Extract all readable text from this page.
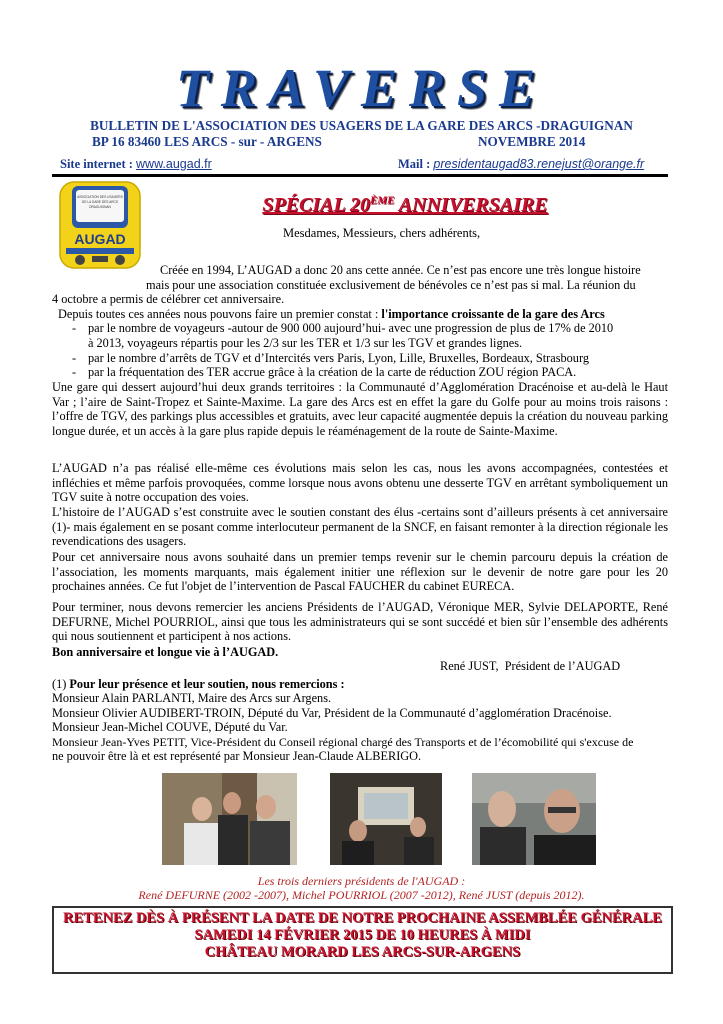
TRAVERSE
BULLETIN DE L'ASSOCIATION DES USAGERS DE LA GARE DES ARCS -DRAGUIGNAN
BP 16 83460 LES ARCS - sur - ARGENS	NOVEMBRE 2014
Site internet : www.augad.fr	Mail : presidentaugad83.renejust@orange.fr
ASSOCIATION DES USAGERS
DE LA GARE DES ARCS
DRAGUIGNAN
AUGAD
SPÉCIAL 20ÈME ANNIVERSAIRE
Mesdames, Messieurs, chers adhérents,
Créée en 1994, L’AUGAD a donc 20 ans cette année. Ce n’est pas encore une très longue histoire
mais pour une association constituée exclusivement de bénévoles ce n’est pas si mal. La réunion du
4 octobre a permis de célébrer cet anniversaire.
Depuis toutes ces années nous pouvons faire un premier constat : l'importance croissante de la gare des Arcs
- par le nombre de voyageurs -autour de 900 000 aujourd’hui- avec une progression de plus de 17% de 2010
à 2013, voyageurs répartis pour les 2/3 sur les TER et 1/3 sur les TGV et grandes lignes.
- par le nombre d’arrêts de TGV et d’Intercités vers Paris, Lyon, Lille, Bruxelles, Bordeaux, Strasbourg
- par la fréquentation des TER accrue grâce à la création de la carte de réduction ZOU région PACA.
Une gare qui dessert aujourd’hui deux grands territoires : la Communauté d’Agglomération Dracénoise et au-delà le Haut Var ; l’aire de Saint-Tropez et Sainte-Maxime. La gare des Arcs est en effet la gare du Golfe pour au moins trois raisons : l’offre de TGV, des parkings plus accessibles et gratuits, avec leur capacité augmentée depuis la création du nouveau parking longue durée, et un accès à la gare plus rapide depuis le réaménagement de la route de Sainte-Maxime.
L’AUGAD n’a pas réalisé elle-même ces évolutions mais selon les cas, nous les avons accompagnées, contestées et infléchies et même parfois provoquées, comme lorsque nous avons obtenu une desserte TGV en arrêtant symboliquement un TGV suite à notre occupation des voies.
L’histoire de l’AUGAD s’est construite avec le soutien constant des élus -certains sont d’ailleurs présents à cet anniversaire (1)- mais également en se posant comme interlocuteur permanent de la SNCF, en faisant remonter à la direction régionale les revendications des usagers.
Pour cet anniversaire nous avons souhaité dans un premier temps revenir sur le chemin parcouru depuis la création de l’association, les moments marquants, mais également initier une réflexion sur le devenir de notre gare pour les 20 prochaines années. Ce fut l'objet de l’intervention de Pascal FAUCHER du cabinet EURECA.
Pour terminer, nous devons remercier les anciens Présidents de l’AUGAD, Véronique MER, Sylvie DELAPORTE, René DEFURNE, Michel POURRIOL, ainsi que tous les administrateurs qui se sont succédé et bien sûr l’ensemble des adhérents qui nous soutiennent et participent à nos actions.
Bon anniversaire et longue vie à l’AUGAD.
René JUST, Président de l’AUGAD
(1) Pour leur présence et leur soutien, nous remercions :
Monsieur Alain PARLANTI, Maire des Arcs sur Argens.
Monsieur Olivier AUDIBERT-TROIN, Député du Var, Président de la Communauté d’agglomération Dracénoise.
Monsieur Jean-Michel COUVE, Député du Var.
Monsieur Jean-Yves PETIT, Vice-Président du Conseil régional chargé des Transports et de l’écomobilité qui s'excuse de
ne pouvoir être là et est représenté par Monsieur Jean-Claude ALBERIGO.
Les trois derniers présidents de l'AUGAD :
René DEFURNE (2002 -2007), Michel POURRIOL (2007 -2012), René JUST (depuis 2012).
RETENEZ DÈS À PRÉSENT LA DATE DE NOTRE PROCHAINE ASSEMBLÉE GÉNÉRALE
SAMEDI 14 FÉVRIER 2015 DE 10 HEURES À MIDI
CHÂTEAU MORARD LES ARCS-SUR-ARGENS
